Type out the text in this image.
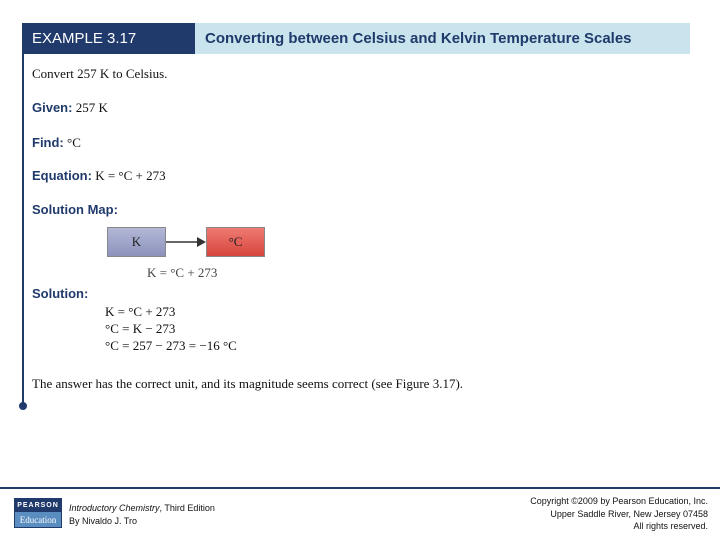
EXAMPLE 3.17	Converting between Celsius and Kelvin Temperature Scales
Convert 257 K to Celsius.
Given: 257 K
Find: °C
Equation: K = °C + 273
Solution Map:
K	°C
K = °C + 273
Solution:
K = °C + 273
°C = K − 273
°C = 257 − 273 = −16 °C
The answer has the correct unit, and its magnitude seems correct (see Figure 3.17).
PEARSON
Education
Introductory Chemistry, Third Edition
By Nivaldo J. Tro
Copyright ©2009 by Pearson Education, Inc.
Upper Saddle River, New Jersey 07458
All rights reserved.
